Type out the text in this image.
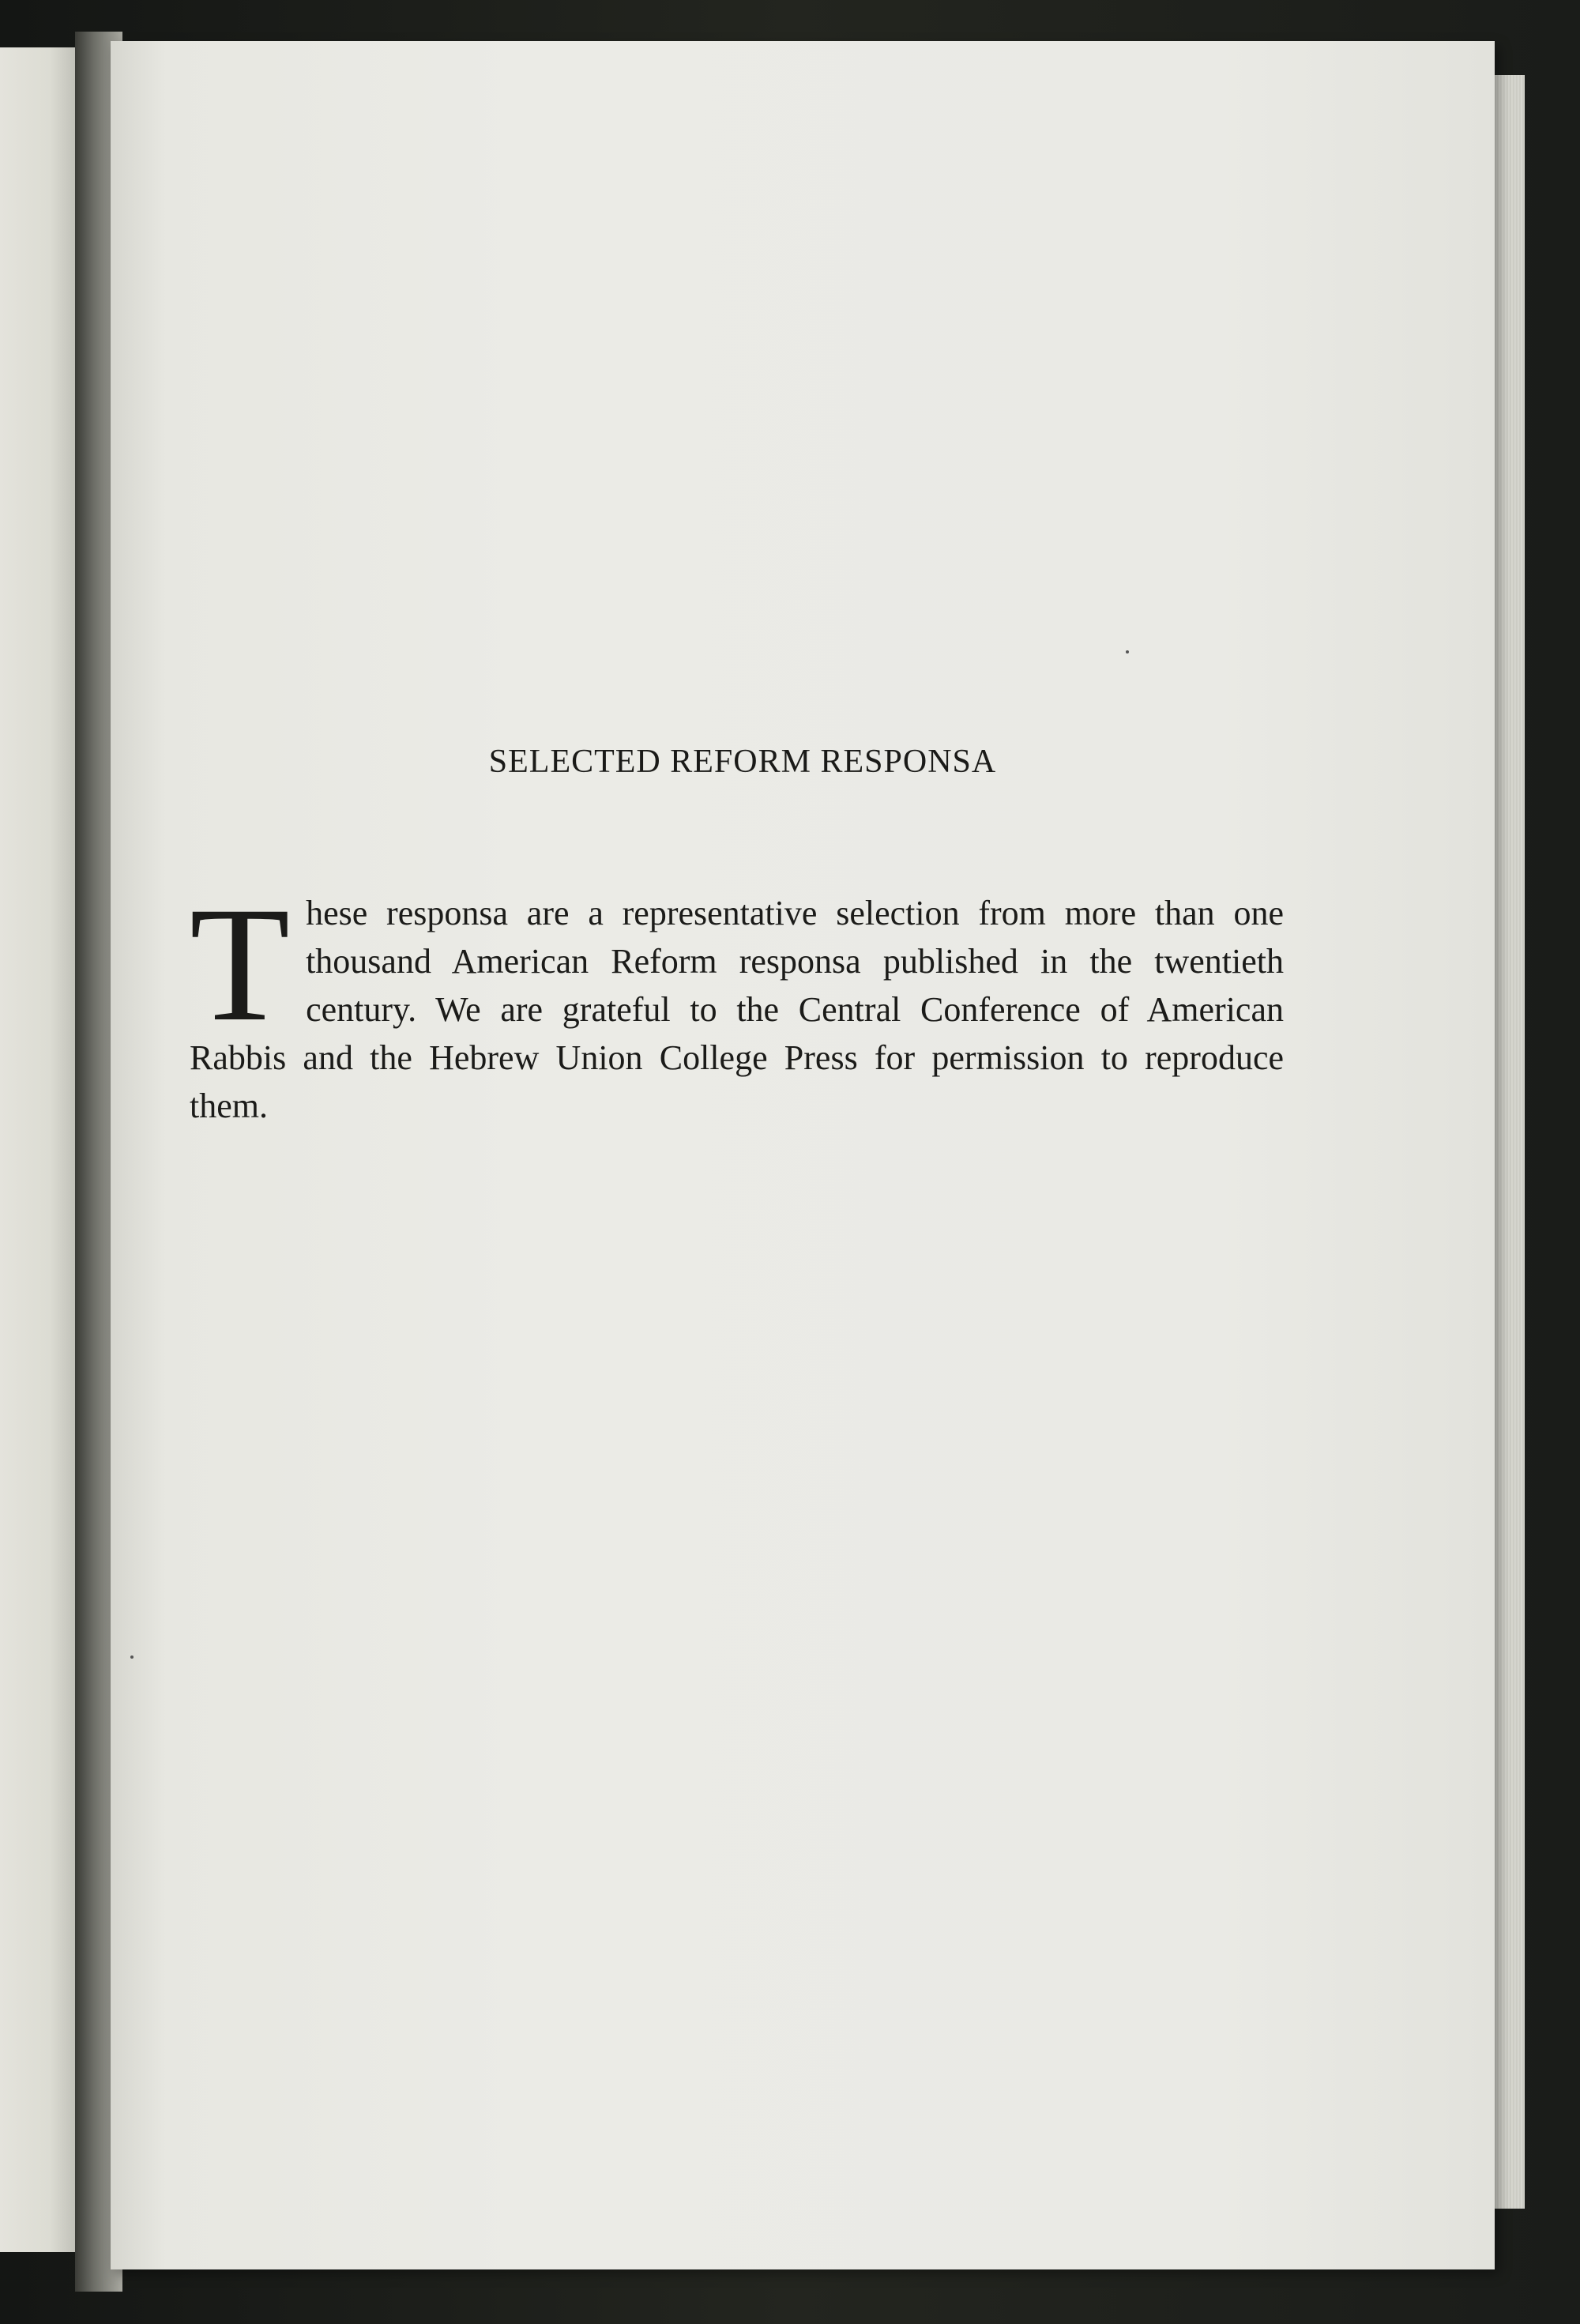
SELECTED REFORM RESPONSA
These responsa are a representative selection from more than one thousand American Reform responsa published in the twentieth century. We are grateful to the Central Conference of American Rabbis and the Hebrew Union College Press for permission to reproduce them.
